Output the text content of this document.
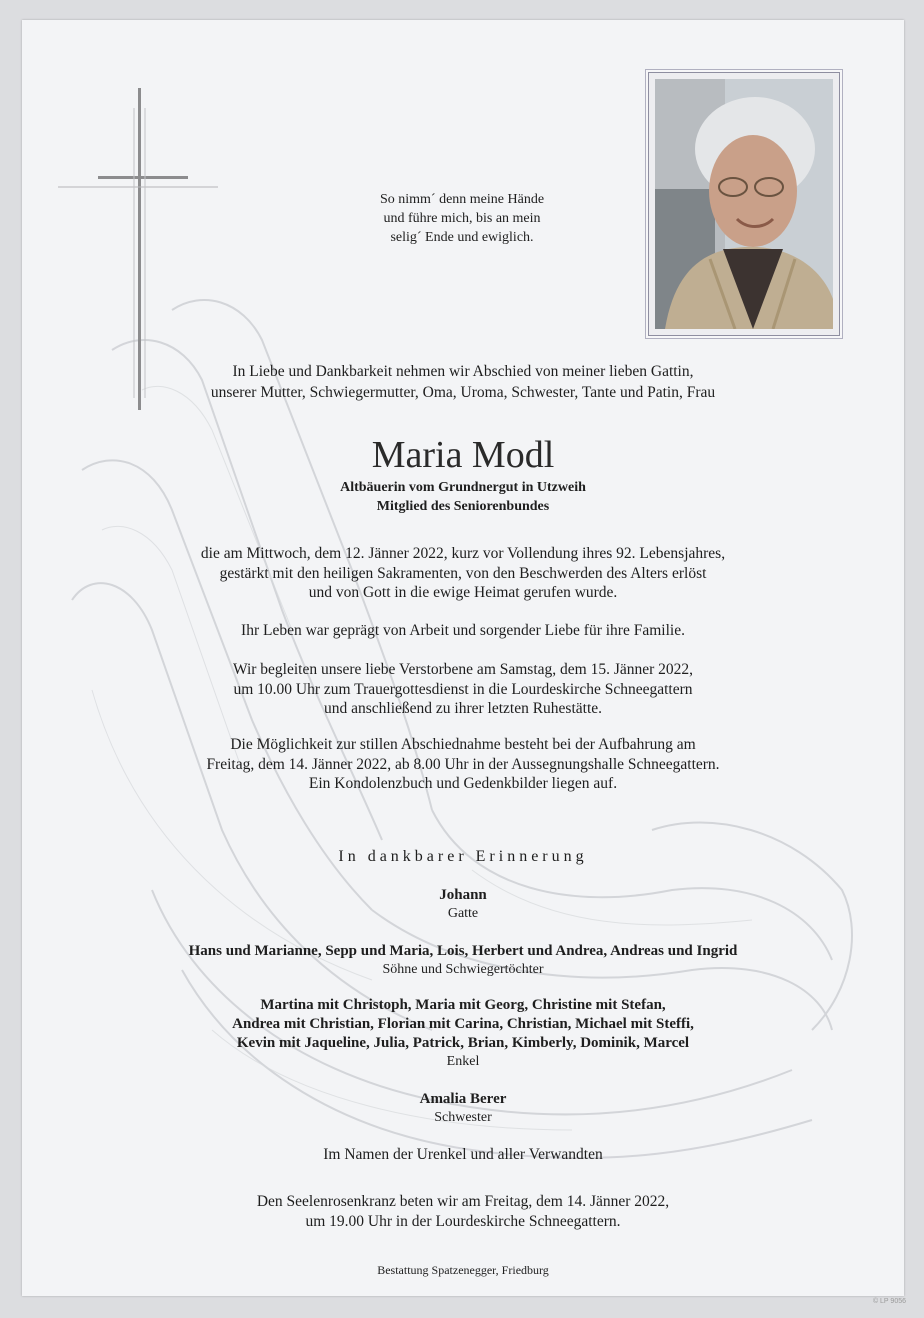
So nimm´ denn meine Hände
und führe mich, bis an mein
selig´ Ende und ewiglich.
In Liebe und Dankbarkeit nehmen wir Abschied von meiner lieben Gattin,
unserer Mutter, Schwiegermutter, Oma, Uroma, Schwester, Tante und Patin, Frau
Maria Modl
Altbäuerin vom Grundnergut in Utzweih
Mitglied des Seniorenbundes
die am Mittwoch, dem 12. Jänner 2022, kurz vor Vollendung ihres 92. Lebensjahres,
gestärkt mit den heiligen Sakramenten, von den Beschwerden des Alters erlöst
und von Gott in die ewige Heimat gerufen wurde.
Ihr Leben war geprägt von Arbeit und sorgender Liebe für ihre Familie.
Wir begleiten unsere liebe Verstorbene am Samstag, dem 15. Jänner 2022,
um 10.00 Uhr zum Trauergottesdienst in die Lourdeskirche Schneegattern
und anschließend zu ihrer letzten Ruhestätte.
Die Möglichkeit zur stillen Abschiednahme besteht bei der Aufbahrung am
Freitag, dem 14. Jänner 2022, ab 8.00 Uhr in der Aussegnungshalle Schneegattern.
Ein Kondolenzbuch und Gedenkbilder liegen auf.
In dankbarer Erinnerung
Johann
Gatte
Hans und Marianne, Sepp und Maria, Lois, Herbert und Andrea, Andreas und Ingrid
Söhne und Schwiegertöchter
Martina mit Christoph, Maria mit Georg, Christine mit Stefan,
Andrea mit Christian, Florian mit Carina, Christian, Michael mit Steffi,
Kevin mit Jaqueline, Julia, Patrick, Brian, Kimberly, Dominik, Marcel
Enkel
Amalia Berer
Schwester
Im Namen der Urenkel und aller Verwandten
Den Seelenrosenkranz beten wir am Freitag, dem 14. Jänner 2022,
um 19.00 Uhr in der Lourdeskirche Schneegattern.
Bestattung Spatzenegger, Friedburg
© LP 9056
